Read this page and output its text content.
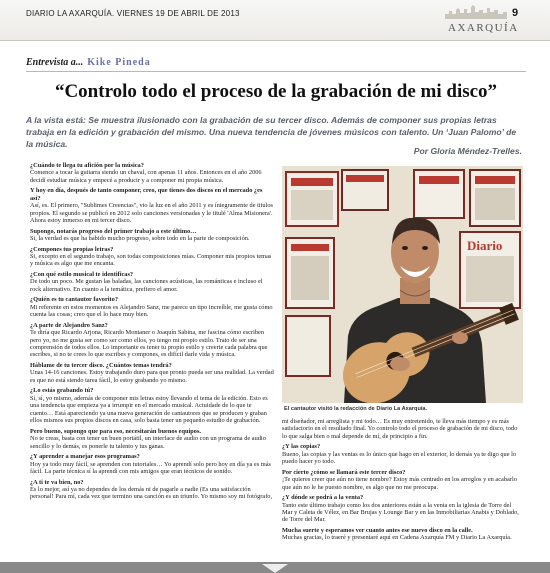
DIARIO LA AXARQUÍA. VIERNES 19 DE ABRIL DE 2013	9
AXARQUÍA
Entrevista a... Kike Pineda
“Controlo todo el proceso de la grabación de mi disco”
A la vista está: Se muestra ilusionado con la grabación de su tercer disco. Además de componer sus propias letras trabaja en la edición y grabación del mismo. Una nueva tendencia de jóvenes músicos con talento. Un ‘Juan Palomo’ de la música.
Por Gloria Méndez-Trelles.
¿Cuándo te llega tu afición por la música?
Comence a tocar la guitarra siendo un chaval, con apenas 11 años. Entonces en el año 2006 decidí estudiar música y empecé a producir y a componer mi propia música.
Y hoy en día, después de tanto componer, creo, que tienes dos discos en el mercado ¿es así?
Así, es. El primero, "Sublimes Creencias", vio la luz en el año 2011 y es íntegramente de titulos propios. El segundo se publicó en 2012 solo canciones versionadas y le titulé 'Alma Misionera'. Ahora estoy inmerso en mi tercer disco.
Supongo, notarás progreso del primer trabajo a este último…
Si, la verdad es que ha habido mucho progreso, sobre todo en la parte de composición.
¿Compones tus propias letras?
Si, excepto en el segundo trabajo, son todas composiciones mías. Componer mis propios temas y música es algo que me encanta.
¿Con qué estilo musical te identificas?
De todo un poco. Me gustan las baladas, las canciones acústicas, las románticas e incluso el rock alternativo. En cuanto a la temática, prefiero el amor.
¿Quién es tu cantautor favorito?
Mi referente en estos momentos es Alejandro Sanz, me parece un tipo increíble, me gusta cómo cuenta las cosas; creo que el lo hace muy bien.
¿A parte de Alejandro Sanz?
Te diría que Ricardo Arjona, Ricardo Montaner o Joaquín Sabina, me fascina cómo escriben pero yo, no me gusta ser como ser como ellos, yo tengo mi propio estilo. Trato de ser una comprensión de todos ellos. Lo importante es tener tu propio estilo y creerte cada palabra que escribes, si no te crees lo que escribes y compones, es difícil darle vida y música.
Háblame de tu tercer disco. ¿Cuántos temas tendrá?
Unas 14-16 canciones. Estoy trabajando duro para que pronto pueda ser una realidad. La verdad es que no está siendo tarea fácil, lo estoy grabando yo mismo.
¿Lo estás grabando tú?
Sí, sí, yo mismo, además de componer mis letras estoy llevando el tema de la edición. Esto es una tendencia que empieza ya a irrumpir en el mercado musical. Actuidade de lo que te cuento… Está apareciendo ya una nueva generación de cantautores que se producen y graban ellos mismos sus propios discos en casa, solo basta tener un pequeño estudio de grabación.
Pero bueno, supongo que para eso, necesitarán buenos equipos.
No te creas, basta con tener un buen portátil, un interface de audio con un programa de audio sencillo y lo demás, es ponerle tu talento y tus ganas.
¿Y aprender a manejar esos programas?
Hoy ya todo muy fácil, se aprenden con tutoriales… Yo aprendí solo pero hoy en día ya es más fácil. La parte técnica sí la aprendí con mis amigos que eran técnicos de sonido.
¿A ti te va bien, no?
Es lo mejor, así ya no dependes de los demás ni de pagarle a nadie (Es una satisfacción personal! Para mí, cada vez que termino una canción es un triunfo. Yo mismo soy mi fotógrafo,
Diario
El cantautor visitó la redacción de Diario La Axarquía.
mi diseñador, mi arreglista y mi todo… Es muy entretenido, te lleva más tiempo y es más satisfactorio en el resultado final. Yo controlo todo el proceso de grabación de mi disco, todo lo que salga bien o mal depende de mí, de principio a fin.
¿Y las copias?
Bueno, las copias y las ventas es lo único que hago en el exterior, lo demás ya te digo que lo puedo hacer yo todo.
Por cierto ¿cómo se llamará este tercer disco?
¡Te quieres creer que aún no tiene nombre? Estoy más centrado en los arreglos y en acabarlo que aún no le he puesto nombre, es algo que no me preocupa.
¿Y dónde se podrá a la venta?
Tanto este último trabajo como los dos anteriores están a la venta en la iglesia de Torre del Mar y Caleta de Vélez, en Bar Brujas y Lounge Bar y en las Inmobiliarias Anabis y Doblado, de Torre del Mar.
Mucha suerte y esperamos ver cuanto antes ese nuevo disco en la calle.
Muchas gracias, lo traeré y presentaré aquí en Cadena Axarquía FM y Diario La Axarquía.
